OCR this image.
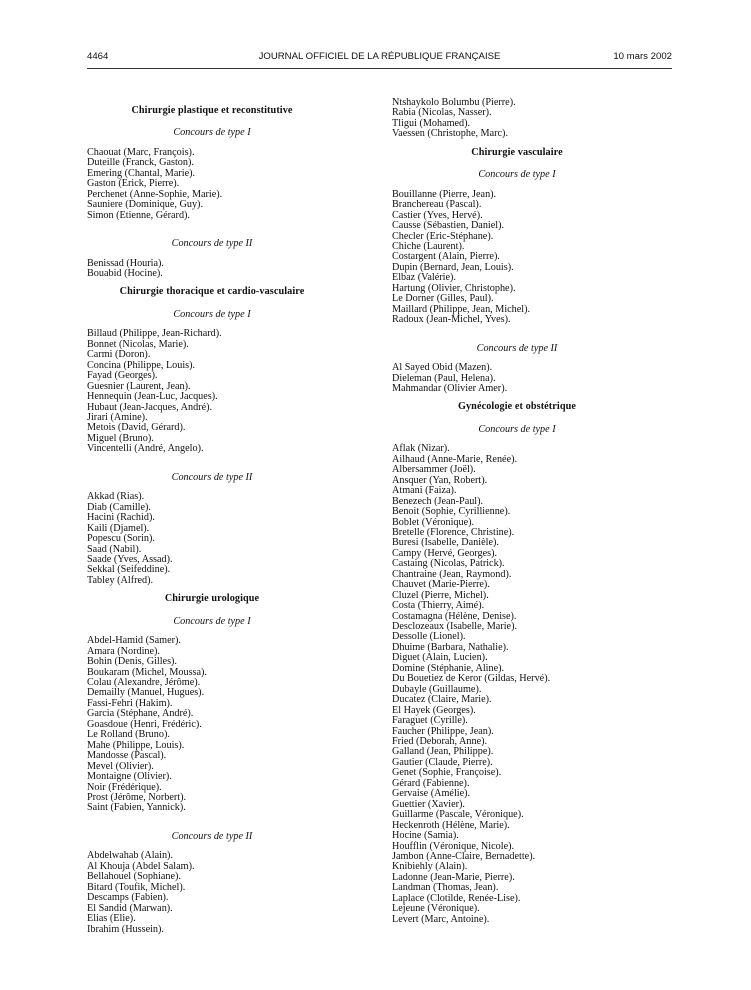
4464	JOURNAL OFFICIEL DE LA RÉPUBLIQUE FRANÇAISE	10 mars 2002
Chirurgie plastique et reconstitutive
Concours de type I
Chaouat (Marc, François).
Duteille (Franck, Gaston).
Emering (Chantal, Marie).
Gaston (Erick, Pierre).
Perchenet (Anne-Sophie, Marie).
Sauniere (Dominique, Guy).
Simon (Etienne, Gérard).
Concours de type II
Benissad (Houria).
Bouabid (Hocine).
Chirurgie thoracique et cardio-vasculaire
Concours de type I
Billaud (Philippe, Jean-Richard).
Bonnet (Nicolas, Marie).
Carmi (Doron).
Concina (Philippe, Louis).
Fayad (Georges).
Guesnier (Laurent, Jean).
Hennequin (Jean-Luc, Jacques).
Hubaut (Jean-Jacques, André).
Jirari (Amine).
Metois (David, Gérard).
Miguel (Bruno).
Vincentelli (André, Angelo).
Concours de type II
Akkad (Rias).
Diab (Camille).
Hacini (Rachid).
Kaili (Djamel).
Popescu (Sorin).
Saad (Nabil).
Saade (Yves, Assad).
Sekkal (Seifeddine).
Tabley (Alfred).
Chirurgie urologique
Concours de type I
Abdel-Hamid (Samer).
Amara (Nordine).
Bohin (Denis, Gilles).
Boukaram (Michel, Moussa).
Colau (Alexandre, Jérôme).
Demailly (Manuel, Hugues).
Fassi-Fehri (Hakim).
Garcia (Stéphane, André).
Goasdoue (Henri, Frédéric).
Le Rolland (Bruno).
Mahe (Philippe, Louis).
Mandosse (Pascal).
Mevel (Olivier).
Montaigne (Olivier).
Noir (Frédérique).
Prost (Jérôme, Norbert).
Saint (Fabien, Yannick).
Concours de type II
Abdelwahab (Alain).
Al Khouja (Abdel Salam).
Bellahouel (Sophiane).
Bitard (Toufik, Michel).
Descamps (Fabien).
El Sandid (Marwan).
Elias (Elie).
Ibrahim (Hussein).
Ntshaykolo Bolumbu (Pierre).
Rabia (Nicolas, Nasser).
Tligui (Mohamed).
Vaessen (Christophe, Marc).
Chirurgie vasculaire
Concours de type I
Bouillanne (Pierre, Jean).
Branchereau (Pascal).
Castier (Yves, Hervé).
Causse (Sébastien, Daniel).
Checler (Eric-Stéphane).
Chiche (Laurent).
Costargent (Alain, Pierre).
Dupin (Bernard, Jean, Louis).
Elbaz (Valérie).
Hartung (Olivier, Christophe).
Le Dorner (Gilles, Paul).
Maillard (Philippe, Jean, Michel).
Radoux (Jean-Michel, Yves).
Concours de type II
Al Sayed Obid (Mazen).
Dieleman (Paul, Helena).
Mahmandar (Olivier Amer).
Gynécologie et obstétrique
Concours de type I
Aflak (Nizar).
Ailhaud (Anne-Marie, Renée).
Albersammer (Joël).
Ansquer (Yan, Robert).
Atmani (Faiza).
Benezech (Jean-Paul).
Benoit (Sophie, Cyrillienne).
Boblet (Véronique).
Bretelle (Florence, Christine).
Buresi (Isabelle, Danièle).
Campy (Hervé, Georges).
Castaing (Nicolas, Patrick).
Chantraine (Jean, Raymond).
Chauvet (Marie-Pierre).
Cluzel (Pierre, Michel).
Costa (Thierry, Aimé).
Costamagna (Hélène, Denise).
Desclozeaux (Isabelle, Marie).
Dessolle (Lionel).
Dhuime (Barbara, Nathalie).
Diguet (Alain, Lucien).
Domine (Stéphanie, Aline).
Du Bouetiez de Keror (Gildas, Hervé).
Dubayle (Guillaume).
Ducatez (Claire, Marie).
El Hayek (Georges).
Faraguet (Cyrille).
Faucher (Philippe, Jean).
Fried (Deborah, Anne).
Galland (Jean, Philippe).
Gautier (Claude, Pierre).
Genet (Sophie, Françoise).
Gérard (Fabienne).
Gervaise (Amélie).
Guettier (Xavier).
Guillarme (Pascale, Véronique).
Heckenroth (Hélène, Marie).
Hocine (Samia).
Houfflin (Véronique, Nicole).
Jambon (Anne-Claire, Bernadette).
Knibiehly (Alain).
Ladonne (Jean-Marie, Pierre).
Landman (Thomas, Jean).
Laplace (Clotilde, Renée-Lise).
Lejeune (Véronique).
Levert (Marc, Antoine).
